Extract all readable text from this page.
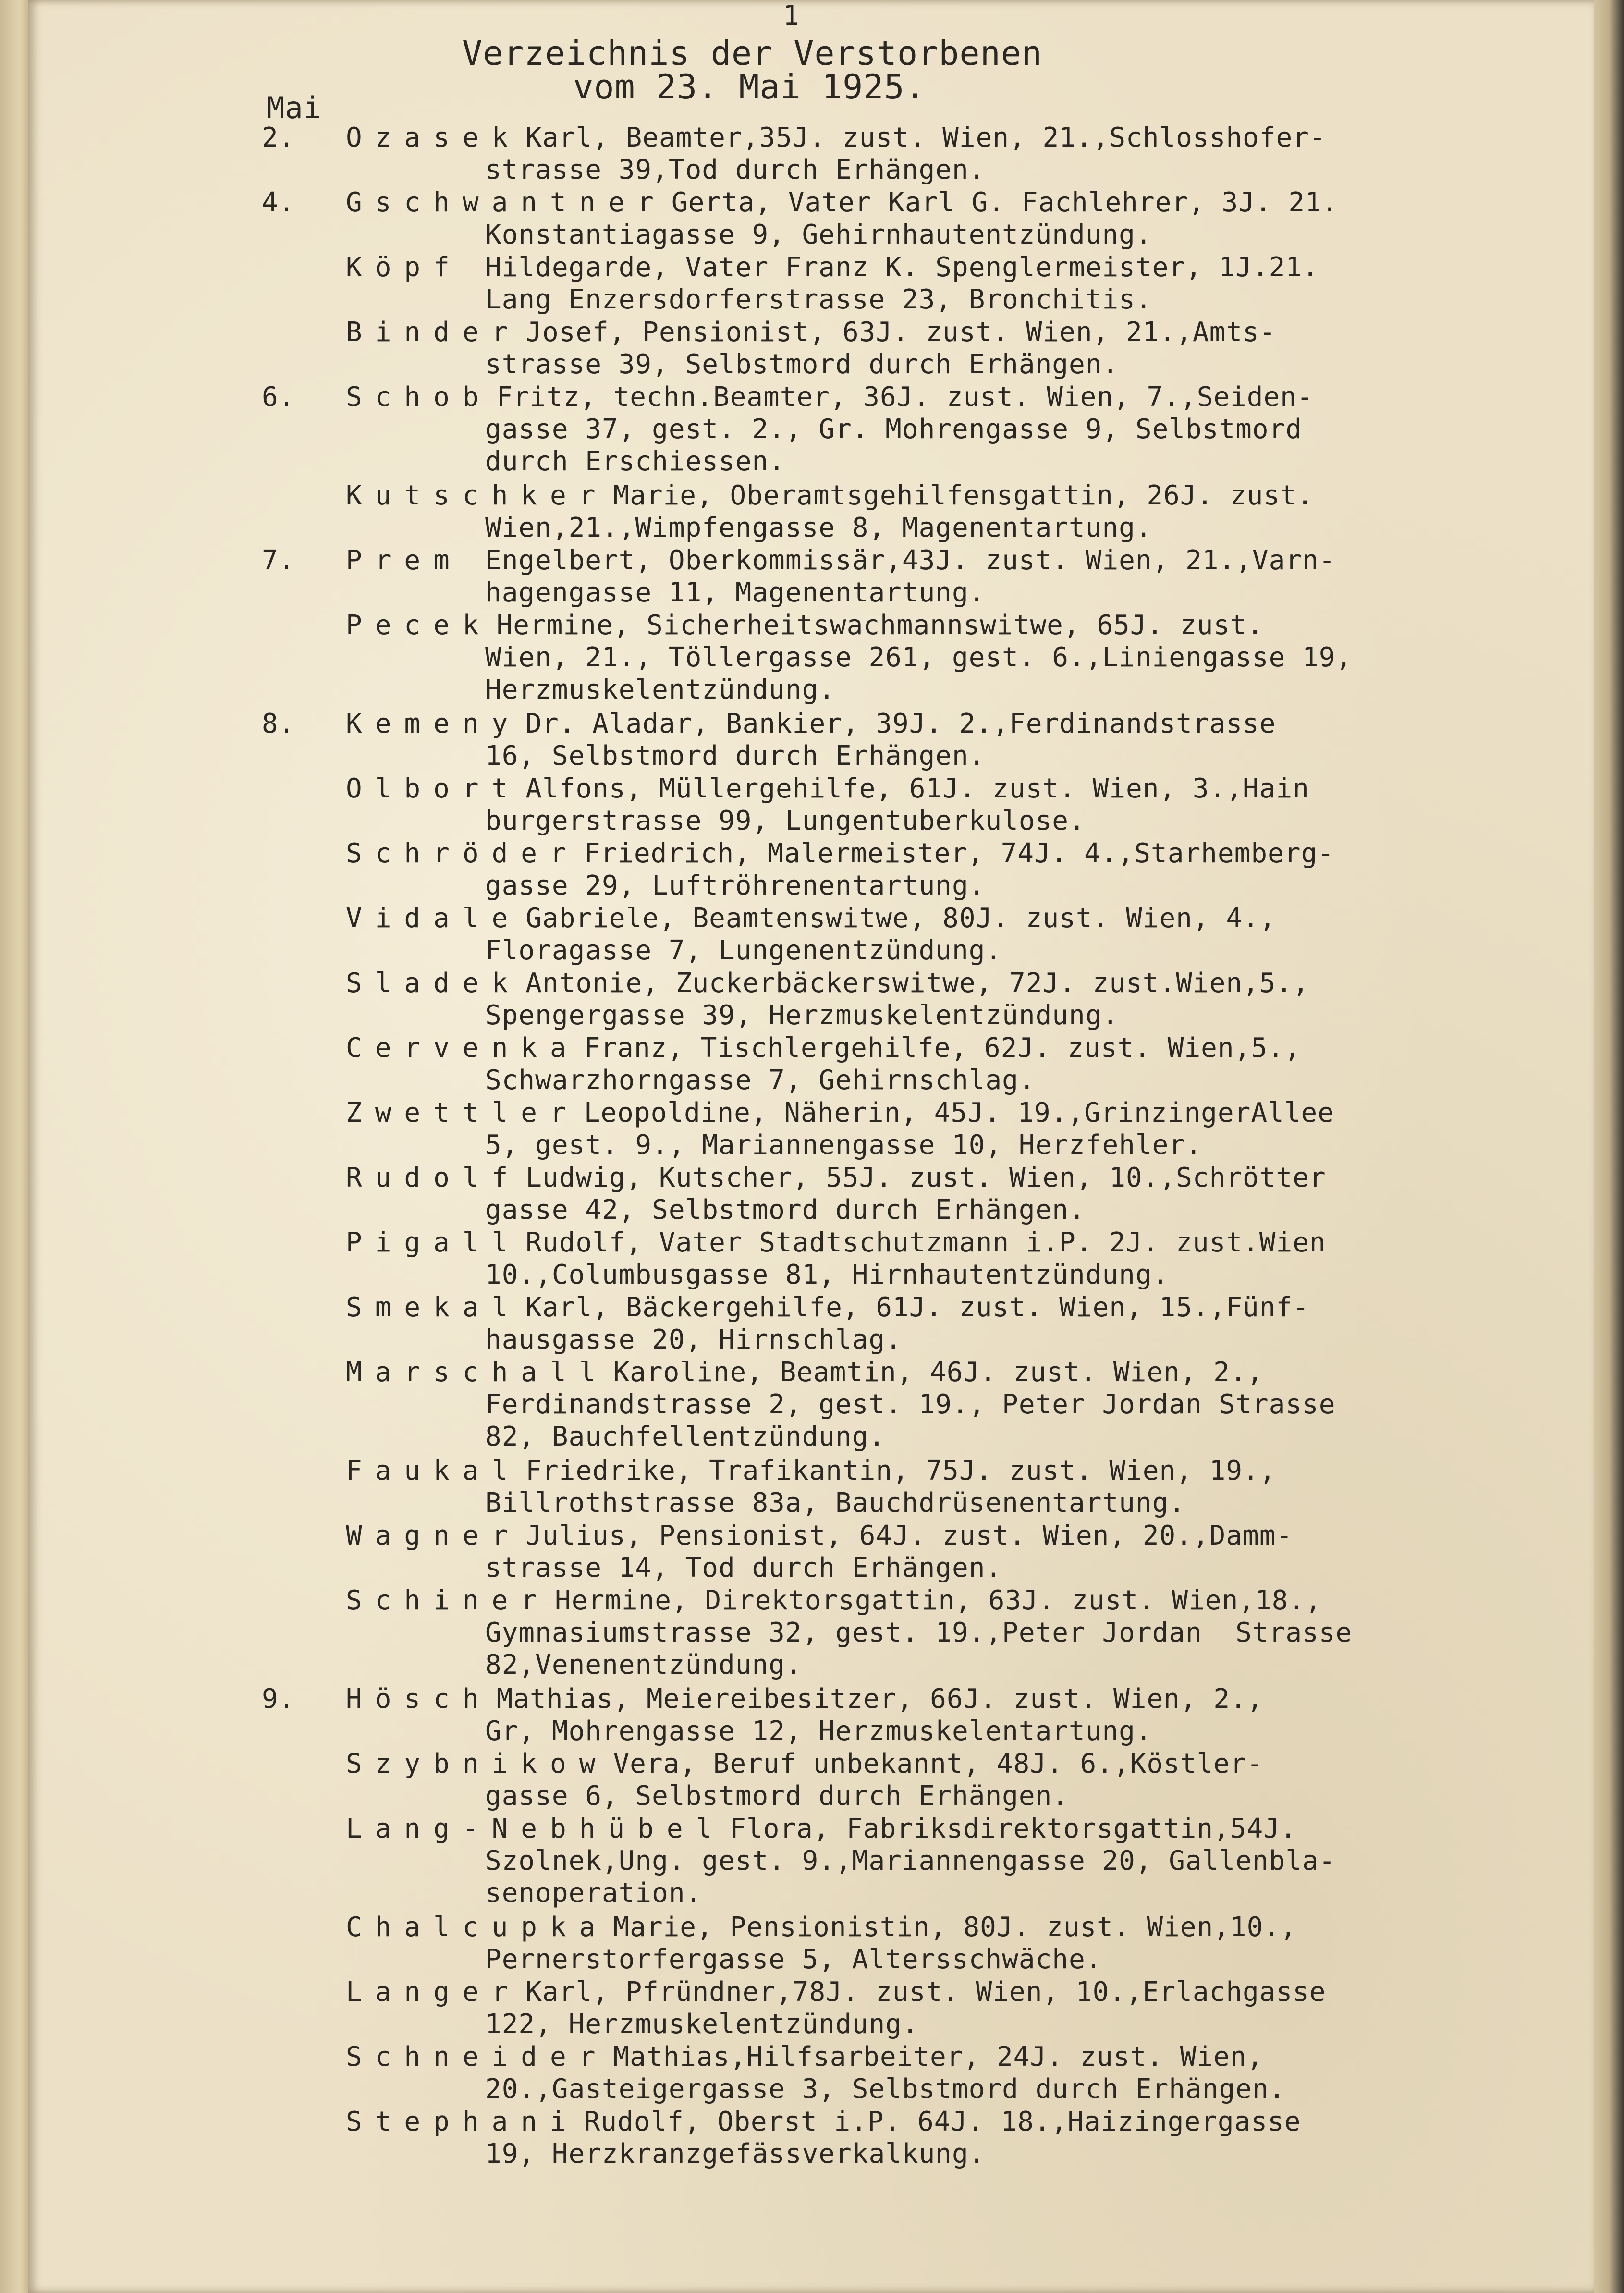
1
Verzeichnis der Verstorbenen
vom 23. Mai 1925.
Mai
2. Ozasek Karl, Beamter,35J. zust. Wien, 21.,Schlosshofer-
strasse 39,Tod durch Erhängen.
4. Gschwantner Gerta, Vater Karl G. Fachlehrer, 3J. 21.
Konstantiagasse 9, Gehirnhautentzündung.
Köpf Hildegarde, Vater Franz K. Spenglermeister, 1J.21.
Lang Enzersdorferstrasse 23, Bronchitis.
Binder Josef, Pensionist, 63J. zust. Wien, 21.,Amts-
strasse 39, Selbstmord durch Erhängen.
6. Schob Fritz, techn.Beamter, 36J. zust. Wien, 7.,Seiden-
gasse 37, gest. 2., Gr. Mohrengasse 9, Selbstmord
durch Erschiessen.
Kutschker Marie, Oberamtsgehilfensgattin, 26J. zust.
Wien,21.,Wimpfengasse 8, Magenentartung.
7. Prem Engelbert, Oberkommissär,43J. zust. Wien, 21.,Varn-
hagengasse 11, Magenentartung.
Pecek Hermine, Sicherheitswachmannswitwe, 65J. zust.
Wien, 21., Töllergasse 261, gest. 6.,Liniengasse 19,
Herzmuskelentzündung.
8. Kemeny Dr. Aladar, Bankier, 39J. 2.,Ferdinandstrasse
16, Selbstmord durch Erhängen.
Olbort Alfons, Müllergehilfe, 61J. zust. Wien, 3.,Hain
burgerstrasse 99, Lungentuberkulose.
Schröder Friedrich, Malermeister, 74J. 4.,Starhemberg-
gasse 29, Luftröhrenentartung.
Vidale Gabriele, Beamtenswitwe, 80J. zust. Wien, 4.,
Floragasse 7, Lungenentzündung.
Sladek Antonie, Zuckerbäckerswitwe, 72J. zust.Wien,5.,
Spengergasse 39, Herzmuskelentzündung.
Cervenka Franz, Tischlergehilfe, 62J. zust. Wien,5.,
Schwarzhorngasse 7, Gehirnschlag.
Zwettler Leopoldine, Näherin, 45J. 19.,GrinzingerAllee
5, gest. 9., Mariannengasse 10, Herzfehler.
Rudolf Ludwig, Kutscher, 55J. zust. Wien, 10.,Schrötter
gasse 42, Selbstmord durch Erhängen.
Pigall Rudolf, Vater Stadtschutzmann i.P. 2J. zust.Wien
10.,Columbusgasse 81, Hirnhautentzündung.
Smekal Karl, Bäckergehilfe, 61J. zust. Wien, 15.,Fünf-
hausgasse 20, Hirnschlag.
Marschall Karoline, Beamtin, 46J. zust. Wien, 2.,
Ferdinandstrasse 2, gest. 19., Peter Jordan Strasse
82, Bauchfellentzündung.
Faukal Friedrike, Trafikantin, 75J. zust. Wien, 19.,
Billrothstrasse 83a, Bauchdrüsenentartung.
Wagner Julius, Pensionist, 64J. zust. Wien, 20.,Damm-
strasse 14, Tod durch Erhängen.
Schiner Hermine, Direktorsgattin, 63J. zust. Wien,18.,
Gymnasiumstrasse 32, gest. 19.,Peter Jordan  Strasse
82,Venenentzündung.
9. Hösch Mathias, Meiereibesitzer, 66J. zust. Wien, 2.,
Gr, Mohrengasse 12, Herzmuskelentartung.
Szybnikow Vera, Beruf unbekannt, 48J. 6.,Köstler-
gasse 6, Selbstmord durch Erhängen.
Lang-Nebhübel Flora, Fabriksdirektorsgattin,54J.
Szolnek,Ung. gest. 9.,Mariannengasse 20, Gallenbla-
senoperation.
Chalcupka Marie, Pensionistin, 80J. zust. Wien,10.,
Pernerstorfergasse 5, Altersschwäche.
Langer Karl, Pfründner,78J. zust. Wien, 10.,Erlachgasse
122, Herzmuskelentzündung.
Schneider Mathias,Hilfsarbeiter, 24J. zust. Wien,
20.,Gasteigergasse 3, Selbstmord durch Erhängen.
Stephani Rudolf, Oberst i.P. 64J. 18.,Haizingergasse
19, Herzkranzgefässverkalkung.
